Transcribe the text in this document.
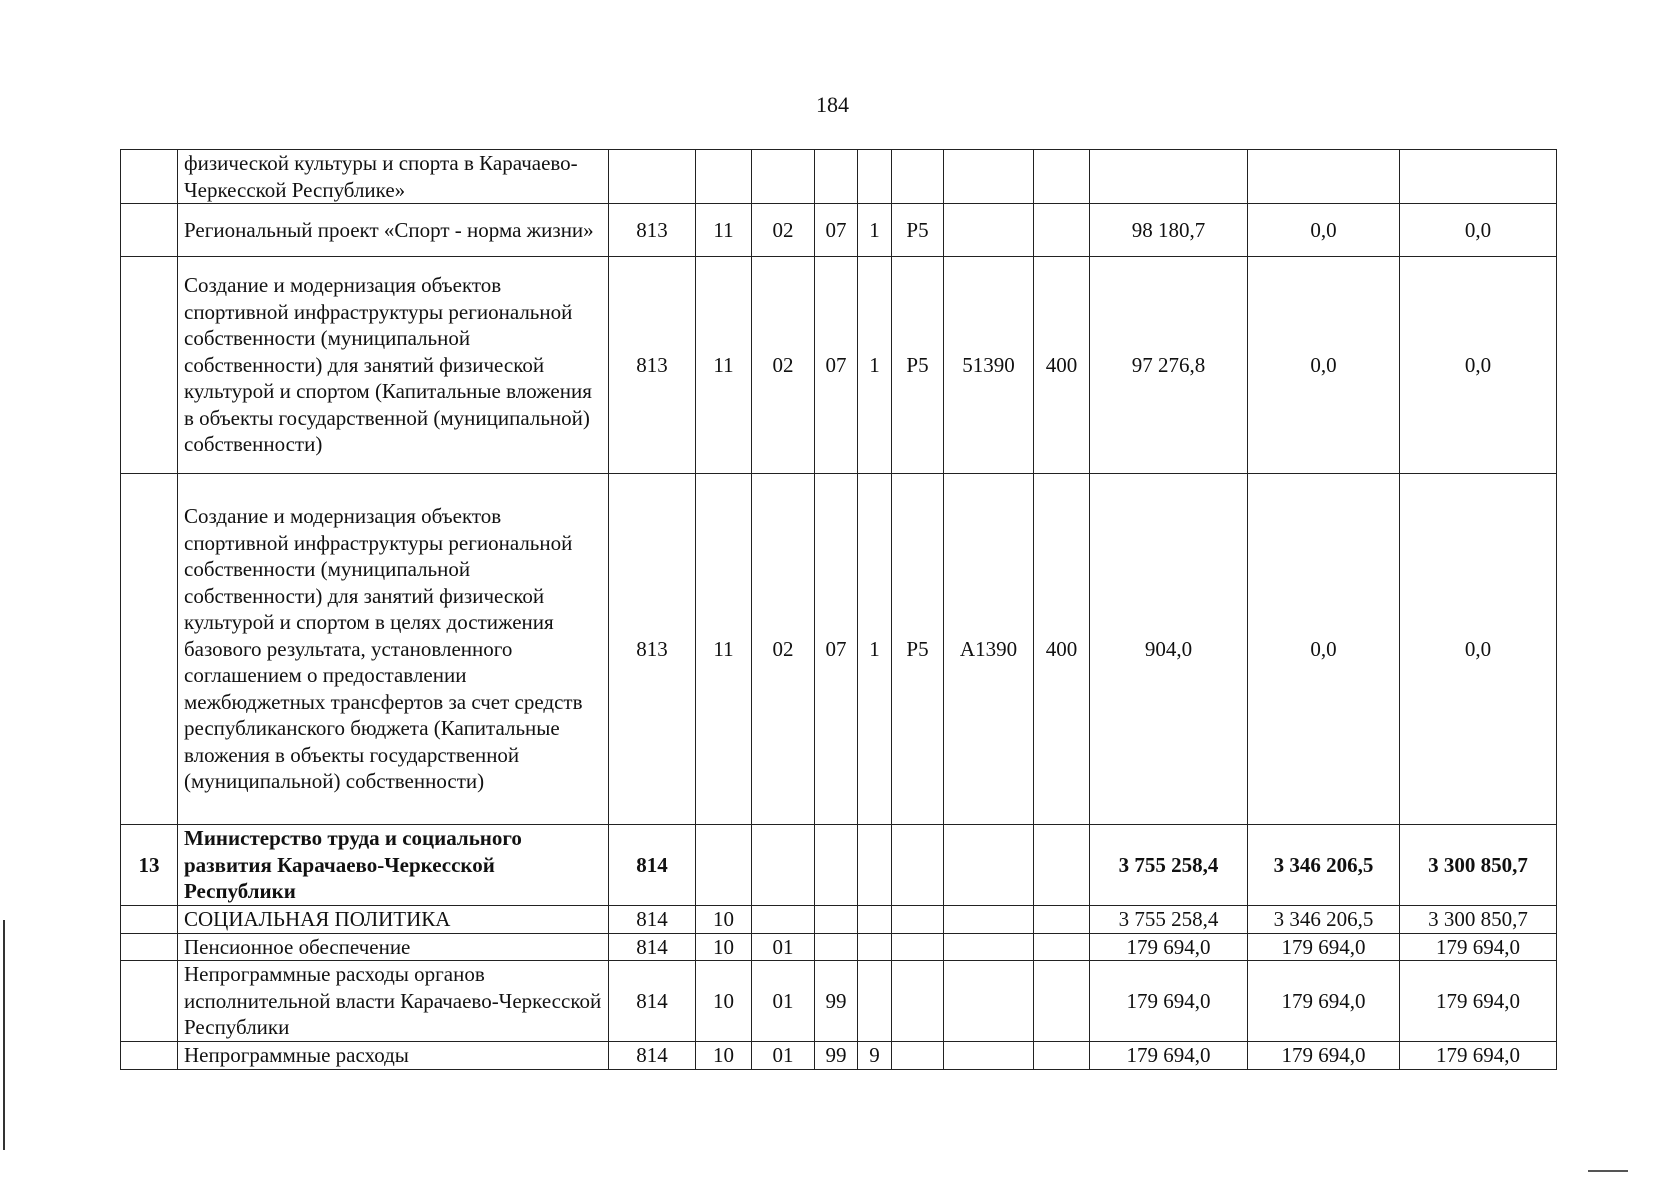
184
	физической культуры и спорта в Карачаево-Черкесской Республике»											
	Региональный проект «Спорт - норма жизни»	813	11	02	07	1	Р5			98 180,7	0,0	0,0
	Создание и модернизация объектов спортивной инфраструктуры региональной собственности (муниципальной собственности) для занятий физической культурой и спортом (Капитальные вложения в объекты государственной (муниципальной) собственности)	813	11	02	07	1	Р5	51390	400	97 276,8	0,0	0,0
	Создание и модернизация объектов спортивной инфраструктуры региональной собственности (муниципальной собственности) для занятий физической культурой и спортом в целях достижения базового результата, установленного соглашением о предоставлении межбюджетных трансфертов за счет средств республиканского бюджета (Капитальные вложения в объекты государственной (муниципальной) собственности)	813	11	02	07	1	Р5	А1390	400	904,0	0,0	0,0
13	Министерство труда и социального развития Карачаево-Черкесской Республики	814								3 755 258,4	3 346 206,5	3 300 850,7
	СОЦИАЛЬНАЯ ПОЛИТИКА	814	10							3 755 258,4	3 346 206,5	3 300 850,7
	Пенсионное обеспечение	814	10	01						179 694,0	179 694,0	179 694,0
	Непрограммные расходы органов исполнительной власти Карачаево-Черкесской Республики	814	10	01	99					179 694,0	179 694,0	179 694,0
	Непрограммные расходы	814	10	01	99	9				179 694,0	179 694,0	179 694,0
